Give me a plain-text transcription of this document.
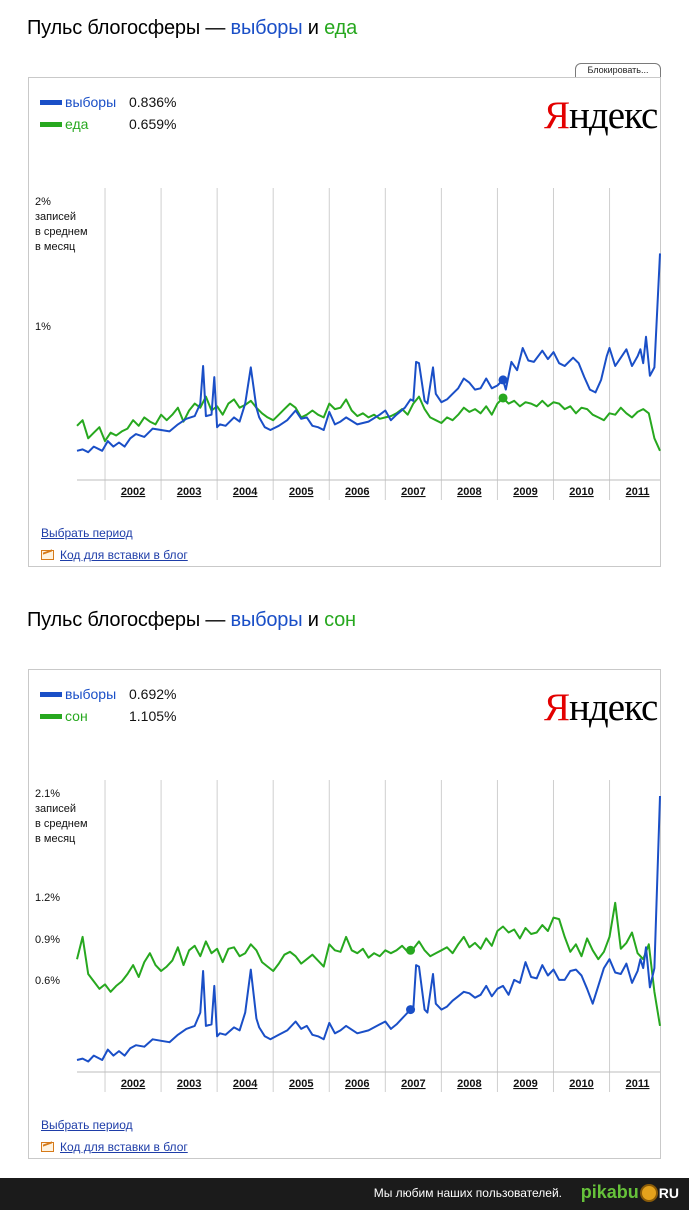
Пульс блогосферы — выборы и еда
Блокировать...
2002	2003	2004	2005	2006	2007	2008	2009	2010	2011
выборы 0.836%
еда	0.659%	Яндекс
2%
записей
в среднем
в месяц
1%
Выбрать период
Код для вставки в блог
Пульс блогосферы — выборы и сон
2002	2003	2004	2005	2006	2007	2008	2009	2010	2011
выборы 0.692%
сон	1.105%	Яндекс
2.1%
записей
в среднем
в месяц
1.2%
0.9%
0.6%
Выбрать период
Код для вставки в блог
Мы любим наших пользователей. pikabu RU
